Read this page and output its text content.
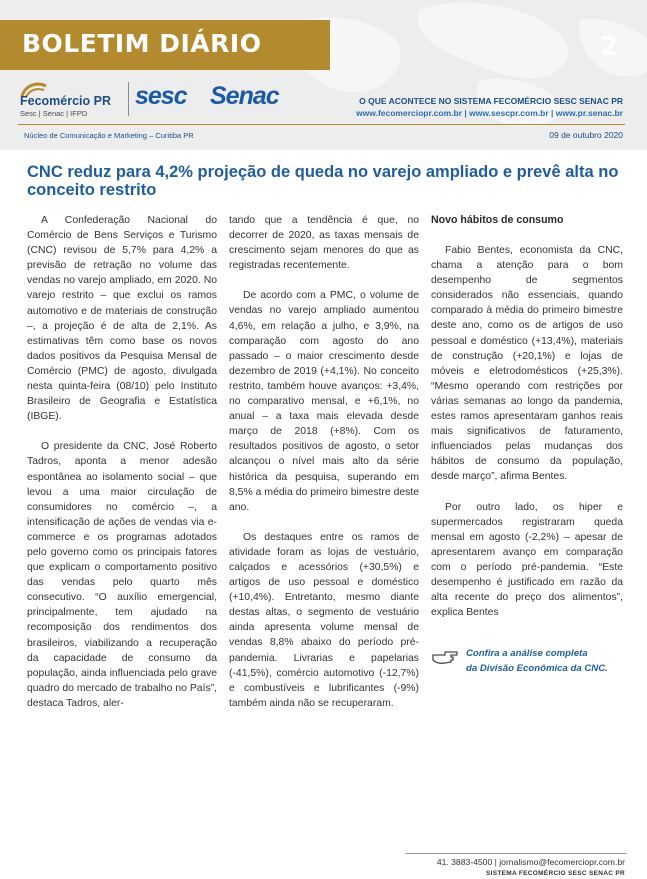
BOLETIM DIÁRIO	2
Fecomércio PR
Sesc | Senac | IFPD
sesc Senac	O QUE ACONTECE NO SISTEMA FECOMÉRCIO SESC SENAC PR
www.fecomerciopr.com.br | www.sescpr.com.br | www.pr.senac.br
Núcleo de Comunicação e Marketing – Curitiba PR	09 de outubro 2020
CNC reduz para 4,2% projeção de queda no varejo ampliado e prevê alta no conceito restrito

A Confederação Nacional do Comércio de Bens Serviços e Turismo (CNC) revisou de 5,7% para 4,2% a previsão de retração no volume das vendas no varejo ampliado, em 2020. No varejo restrito – que exclui os ramos automotivo e de materiais de construção –, a projeção é de alta de 2,1%. As estimativas têm como base os novos dados positivos da Pesquisa Mensal de Comércio (PMC) de agosto, divulgada nesta quinta-feira (08/10) pelo Instituto Brasileiro de Geografia e Estatística (IBGE).

O presidente da CNC, José Roberto Tadros, aponta a menor adesão espontânea ao isolamento social – que levou a uma maior circulação de consumidores no comércio –, a intensificação de ações de vendas via e-commerce e os programas adotados pelo governo como os principais fatores que explicam o comportamento positivo das vendas pelo quarto mês consecutivo. “O auxílio emergencial, principalmente, tem ajudado na recomposição dos rendimentos dos brasileiros, viabilizando a recuperação da capacidade de consumo da população, ainda influenciada pelo grave quadro do mercado de trabalho no País”, destaca Tadros, aler-

tando que a tendência é que, no decorrer de 2020, as taxas mensais de crescimento sejam menores do que as registradas recentemente.

De acordo com a PMC, o volume de vendas no varejo ampliado aumentou 4,6%, em relação a julho, e 3,9%, na comparação com agosto do ano passado – o maior crescimento desde dezembro de 2019 (+4,1%). No conceito restrito, também houve avanços: +3,4%, no comparativo mensal, e +6,1%, no anual – a taxa mais elevada desde março de 2018 (+8%). Com os resultados positivos de agosto, o setor alcançou o nível mais alto da série histórica da pesquisa, superando em 8,5% a média do primeiro bimestre deste ano.

Os destaques entre os ramos de atividade foram as lojas de vestuário, calçados e acessórios (+30,5%) e artigos de uso pessoal e doméstico (+10,4%). Entretanto, mesmo diante destas altas, o segmento de vestuário ainda apresenta volume mensal de vendas 8,8% abaixo do período pré-pandemia. Livrarias e papelarias (-41,5%), comércio automotivo (-12,7%) e combustíveis e lubrificantes (-9%) também ainda não se recuperaram.

Novo hábitos de consumo

Fabio Bentes, economista da CNC, chama a atenção para o bom desempenho de segmentos considerados não essenciais, quando comparado à média do primeiro bimestre deste ano, como os de artigos de uso pessoal e doméstico (+13,4%), materiais de construção (+20,1%) e lojas de móveis e eletrodomésticos (+25,3%). “Mesmo operando com restrições por várias semanas ao longo da pandemia, estes ramos apresentaram ganhos reais mais significativos de faturamento, influenciados pelas mudanças dos hábitos de consumo da população, desde março”, afirma Bentes.

Por outro lado, os hiper e supermercados registraram queda mensal em agosto (-2,2%) – apesar de apresentarem avanço em comparação com o período pré-pandemia. “Este desempenho é justificado em razão da alta recente do preço dos alimentos”, explica Bentes

Confira a análise completa
da Divisão Econômica da CNC.
41. 3883-4500 | jornalismo@fecomerciopr.com.br
SISTEMA FECOMÉRCIO SESC SENAC PR
